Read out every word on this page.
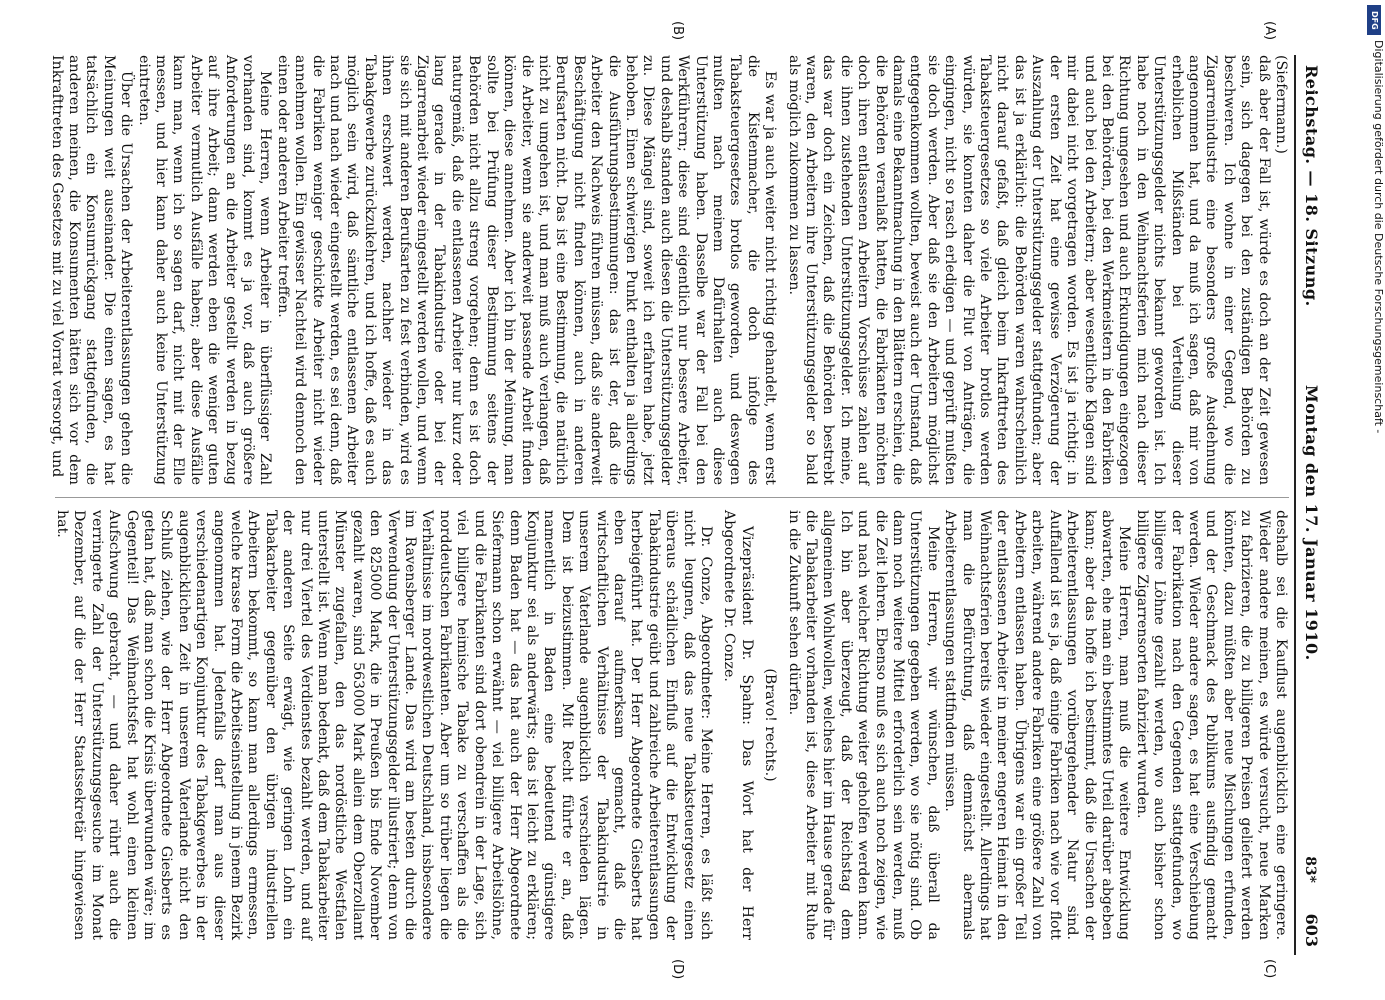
Reichstag. — 18. Sitzung.
Montag den 17. Januar 1910.
603

(Siefermann.)

daß aber der Fall ist, würde es doch an der Zeit gewesen sein, sich dagegen bei den zuständigen Behörden zu beschweren. Ich wohne in einer Gegend, wo die Zigarrenindustrie eine besonders große Ausdehnung angenommen hat, und da muß ich sagen, daß mir von erheblichen Mißständen bei Verteilung dieser Unterstützungsgelder nichts bekannt geworden ist. Ich habe noch in den Weihnachtsferien mich nach dieser Richtung umgesehen und auch Erkundigungen eingezogen bei den Behörden, bei den Werkmeistern in den Fabriken und auch bei den Arbeitern; aber wesentliche Klagen sind mir dabei nicht vorgetragen worden. Es ist ja richtig: in der ersten Zeit hat eine gewisse Verzögerung der Auszahlung der Unterstützungsgelder stattgefunden; aber das ist ja erklärlich: die Behörden waren wahrscheinlich nicht darauf gefaßt, daß gleich beim Inkrafttreten des Tabaksteuergesetzes so viele Arbeiter brotlos werden würden, sie konnten daher die Flut von Anträgen, die eingingen, nicht so rasch erledigen — und geprüft mußten sie doch werden. Aber daß sie den Arbeitern möglichst entgegenkommen wollten, beweist auch der Umstand, daß damals eine Bekanntmachung in den Blättern erschien, die die Behörden veranlaßt hatten, die Fabrikanten möchten doch ihren entlassenen Arbeitern Vorschüsse zahlen auf die ihnen zustehenden Unterstützungsgelder. Ich meine, das war doch ein Zeichen, daß die Behörden bestrebt waren, den Arbeitern ihre Unterstützungsgelder so bald als möglich zukommen zu lassen.

Es war ja auch weiter nicht richtig gehandelt, wenn erst die Kistenmacher, die doch infolge des Tabaksteuergesetzes brotlos geworden, und deswegen mußten nach meinem Dafürhalten auch diese Unterstützung haben. Dasselbe war der Fall bei den Werkführern; diese sind eigentlich nur bessere Arbeiter, und deshalb standen auch diesen die Unterstützungsgelder zu. Diese Mängel sind, soweit ich erfahren habe, jetzt behoben. Einen schwierigen Punkt enthalten ja allerdings die Ausführungsbestimmungen: das ist der, daß die Arbeiter den Nachweis führen müssen, daß sie anderweit Beschäftigung nicht finden können, auch in anderen Berufsarten nicht. Das ist eine Bestimmung, die natürlich nicht zu umgehen ist, und man muß auch verlangen, daß die Arbeiter, wenn sie anderweit passende Arbeit finden können, diese annehmen. Aber ich bin der Meinung, man sollte bei Prüfung dieser Bestimmung seitens der Behörden nicht allzu streng vorgehen; denn es ist doch naturgemäß, daß die entlassenen Arbeiter nur kurz oder lang gerade in der Tabakindustrie oder bei der Zigarrenarbeit wieder eingestellt werden wollen, und wenn sie sich mit anderen Berufsarten zu fest verbinden, wird es ihnen erschwert werden, nachher wieder in das Tabakgewerbe zurückzukehren, und ich hoffe, daß es auch möglich sein wird, daß sämtliche entlassenen Arbeiter nach und nach wieder eingestellt werden, es sei denn, daß die Fabriken weniger geschickte Arbeiter nicht wieder annehmen wollen. Ein gewisser Nachteil wird dennoch den einen oder anderen Arbeiter treffen.

Meine Herren, wenn Arbeiter in überflüssiger Zahl vorhanden sind, kommt es ja vor, daß auch größere Anforderungen an die Arbeiter gestellt werden in bezug auf ihre Arbeit; dann werden eben die weniger guten Arbeiter vermutlich Ausfälle haben; aber diese Ausfälle kann man, wenn ich so sagen darf, nicht mit der Elle messen, und hier kann daher auch keine Unterstützung eintreten.

Über die Ursachen der Arbeiterentlassungen gehen die Meinungen weit auseinander. Die einen sagen, es hat tatsächlich ein Konsumrückgang stattgefunden, die anderen meinen, die Konsumenten hätten sich vor dem Inkrafttreten des Gesetzes mit zu viel Vorrat versorgt, und

deshalb sei die Kauflust augenblicklich eine geringere. Wieder andere meinen, es würde versucht, neue Marken zu fabrizieren, die zu billigeren Preisen geliefert werden könnten, dazu müßten aber neue Mischungen erfunden, und der Geschmack des Publikums ausfindig gemacht werden. Wieder andere sagen, es hat eine Verschiebung der Fabrikation nach den Gegenden stattgefunden, wo billigere Löhne gezahlt werden, wo auch bisher schon billigere Zigarrensorten fabriziert wurden.

Meine Herren, man muß die weitere Entwicklung abwarten, ehe man ein bestimmtes Urteil darüber abgeben kann; aber das hoffe ich bestimmt, daß die Ursachen der Arbeiterentlassungen vorübergehender Natur sind. Auffallend ist es ja, daß einige Fabriken nach wie vor flott arbeiten, während andere Fabriken eine größere Zahl von Arbeitern entlassen haben. Übrigens war ein großer Teil der entlassenen Arbeiter in meiner engeren Heimat in den Weihnachtsferien bereits wieder eingestellt. Allerdings hat man die Befürchtung, daß demnächst abermals Arbeiterentlassungen stattfinden müssen.

Meine Herren, wir wünschen, daß überall da Unterstützungen gegeben werden, wo sie nötig sind. Ob dann noch weitere Mittel erforderlich sein werden, muß die Zeit lehren. Ebenso muß es sich auch noch zeigen, wie und nach welcher Richtung weiter geholfen werden kann. Ich bin aber überzeugt, daß der Reichstag dem allgemeinen Wohlwollen, welches hier im Hause gerade für die Tabakarbeiter vorhanden ist, diese Arbeiter mit Ruhe in die Zukunft sehen dürfen.

(Bravo! rechts.)

Vizepräsident Dr. Spahn: Das Wort hat der Herr Abgeordnete Dr. Conze.

Dr. Conze, Abgeordneter: Meine Herren, es läßt sich nicht leugnen, daß das neue Tabaksteuergesetz einen überaus schädlichen Einfluß auf die Entwicklung der Tabakindustrie geübt und zahlreiche Arbeiterentlassungen herbeigeführt hat. Der Herr Abgeordnete Giesberts hat eben darauf aufmerksam gemacht, daß die wirtschaftlichen Verhältnisse der Tabakindustrie in unserem Vaterlande augenblicklich verschieden lägen. Dem ist beizustimmen. Mit Recht führte er an, daß namentlich in Baden eine bedeutend günstigere Konjunktur sei als anderwärts; das ist leicht zu erklären; denn Baden hat — das hat auch der Herr Abgeordnete Siefermann schon erwähnt — viel billigere Arbeitslöhne, und die Fabrikanten sind dort obendrein in der Lage, sich viel billigere heimische Tabake zu verschaffen als die norddeutschen Fabrikanten. Aber um so trüber liegen die Verhältnisse im nordwestlichen Deutschland, insbesondere im Ravensberger Lande. Das wird am besten durch die Verwendung der Unterstützungsgelder illustriert; denn von den 825000 Mark, die in Preußen bis Ende November gezahlt waren, sind 563000 Mark allein dem Oberzollamt Münster zugefallen, den das nordöstliche Westfalen unterstellt ist. Wenn man bedenkt, daß dem Tabakarbeiter nur drei Viertel des Verdienstes bezahlt werden, und auf der anderen Seite erwägt, wie geringen Lohn ein Tabakarbeiter gegenüber den übrigen industriellen Arbeitern bekommt, so kann man allerdings ermessen, welche krasse Form die Arbeitseinstellung in jenem Bezirk angenommen hat. Jedenfalls darf man aus dieser verschiedenartigen Konjunktur des Tabakgewerbes in der augenblicklichen Zeit in unserem Vaterlande nicht den Schluß ziehen, wie der Herr Abgeordnete Giesberts es getan hat, daß man schon die Krisis überwunden wäre; im Gegenteil! Das Weihnachtsfest hat wohl einen kleinen Aufschwung gebracht, — und daher rührt auch die verringerte Zahl der Unterstützungsgesuche im Monat Dezember, auf die der Herr Staatssekretär hingewiesen hat.

(A)
(B)
(C)
(D)
83*
DFG
Digitalisierung gefördert durch die Deutsche Forschungsgemeinschaft -
